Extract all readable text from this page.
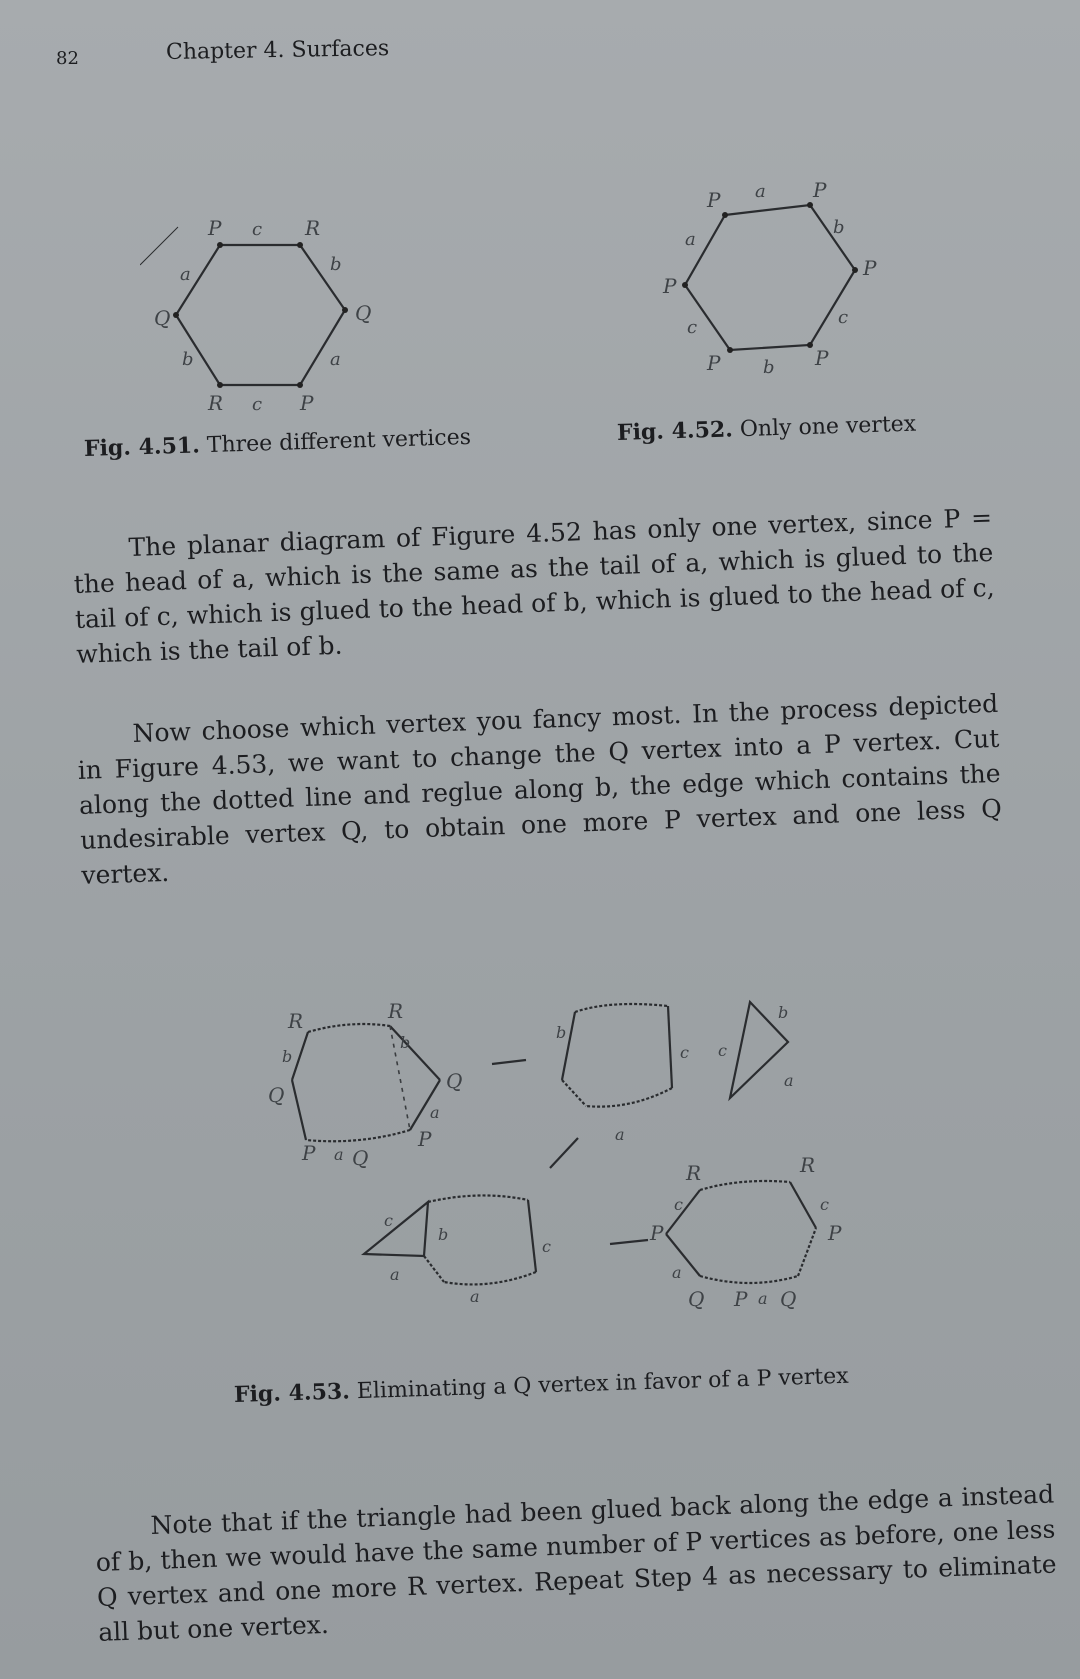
82	Chapter 4. Surfaces
P	R
Q
P
R
Q
c
b
a
c
b
a
Fig. 4.51. Three different vertices
P	P
P
P
P
P
a
b
c
b
c
a
Fig. 4.52. Only one vertex

The planar diagram of Figure 4.52 has only one vertex, since P = the head of a, which is the same as the tail of a, which is glued to the tail of c, which is glued to the head of b, which is glued to the head of c, which is the tail of b.

Now choose which vertex you fancy most. In the process depicted in Figure 4.53, we want to change the Q vertex into a P vertex. Cut along the dotted line and reglue along b, the edge which contains the undesirable vertex Q, to obtain one more P vertex and one less Q vertex.

R	R
b
b
Q
Q
a
P
P a Q
b
c
a
b
c
a
c
b
c
a
a
R	R
c	c
P	P
a
Q P a Q
Fig. 4.53. Eliminating a Q vertex in favor of a P vertex

Note that if the triangle had been glued back along the edge a instead of b, then we would have the same number of P vertices as before, one less Q vertex and one more R vertex. Repeat Step 4 as necessary to eliminate all but one vertex.
